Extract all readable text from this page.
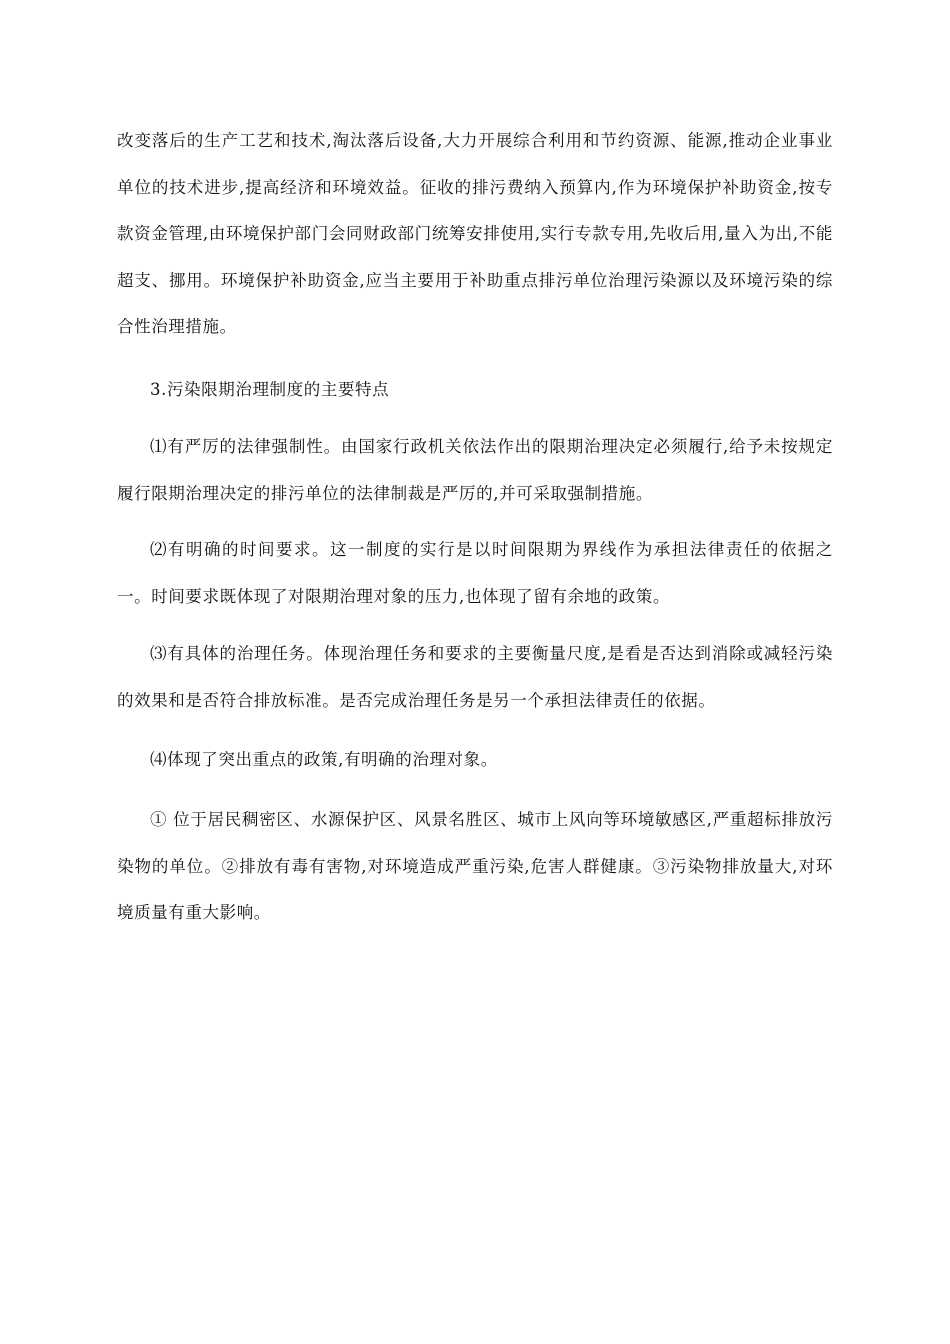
改变落后的生产工艺和技术,淘汰落后设备,大力开展综合利用和节约资源、能源,推动企业事业单位的技术进步,提高经济和环境效益。征收的排污费纳入预算内,作为环境保护补助资金,按专款资金管理,由环境保护部门会同财政部门统筹安排使用,实行专款专用,先收后用,量入为出,不能超支、挪用。环境保护补助资金,应当主要用于补助重点排污单位治理污染源以及环境污染的综合性治理措施。

3.污染限期治理制度的主要特点

⑴有严厉的法律强制性。由国家行政机关依法作出的限期治理决定必须履行,给予未按规定履行限期治理决定的排污单位的法律制裁是严厉的,并可采取强制措施。

⑵有明确的时间要求。这一制度的实行是以时间限期为界线作为承担法律责任的依据之一。时间要求既体现了对限期治理对象的压力,也体现了留有余地的政策。

⑶有具体的治理任务。体现治理任务和要求的主要衡量尺度,是看是否达到消除或减轻污染的效果和是否符合排放标准。是否完成治理任务是另一个承担法律责任的依据。

⑷体现了突出重点的政策,有明确的治理对象。

① 位于居民稠密区、水源保护区、风景名胜区、城市上风向等环境敏感区,严重超标排放污染物的单位。②排放有毒有害物,对环境造成严重污染,危害人群健康。③污染物排放量大,对环境质量有重大影响。
